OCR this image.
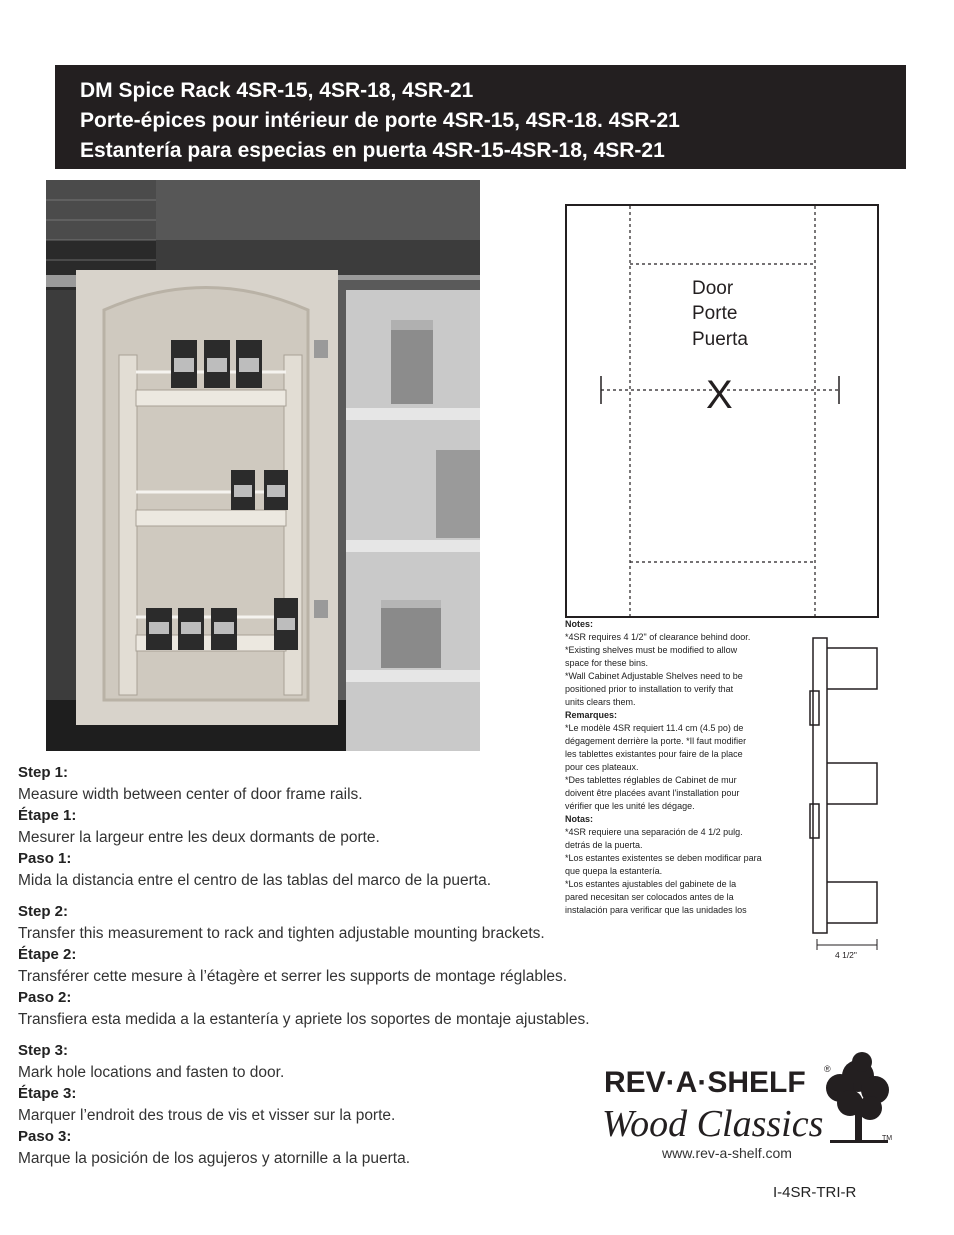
DM Spice Rack 4SR-15, 4SR-18, 4SR-21
Porte-épices pour intérieur de porte 4SR-15, 4SR-18. 4SR-21
Estantería para especias en puerta 4SR-15-4SR-18, 4SR-21
Door
Porte
Puerta
X
Notes:
*4SR requires 4 1/2" of clearance behind door.
*Existing shelves must be modified to allow
space for these bins.
*Wall Cabinet Adjustable Shelves need to be
positioned prior to installation to verify that
units clears them.
Remarques:
*Le modèle 4SR requiert 11.4 cm (4.5 po) de
dégagement derrière la porte. *Il faut modifier
les tablettes existantes pour faire de la place
pour ces plateaux.
*Des tablettes réglables de Cabinet de mur
doivent être placées avant l'installation pour
vérifier que les unité les dégage.
Notas:
*4SR requiere una separación de 4 1/2 pulg.
detrás de la puerta.
*Los estantes existentes se deben modificar para
que quepa la estantería.
*Los estantes ajustables del gabinete de la
pared necesitan ser colocados antes de la
instalación para verificar que las unidades los
4 1/2"
Step 1:
Measure width between center of door frame rails.
Étape 1:
Mesurer la largeur entre les deux dormants de porte.
Paso 1:
Mida la distancia entre el centro de las tablas del marco de la puerta.
Step 2:
Transfer this measurement to rack and tighten adjustable mounting brackets.
Étape 2:
Transférer cette mesure à l’étagère et serrer les supports de montage réglables.
Paso 2:
Transfiera esta medida a la estantería y apriete los soportes de montaje ajustables.
Step 3:
Mark hole locations and fasten to door.
Étape 3:
Marquer l’endroit des trous de vis et visser sur la porte.
Paso 3:
Marque la posición de los agujeros y atornille a la puerta.
REV·A·SHELF ®
Wood Classics	TM
www.rev-a-shelf.com
I-4SR-TRI-R
